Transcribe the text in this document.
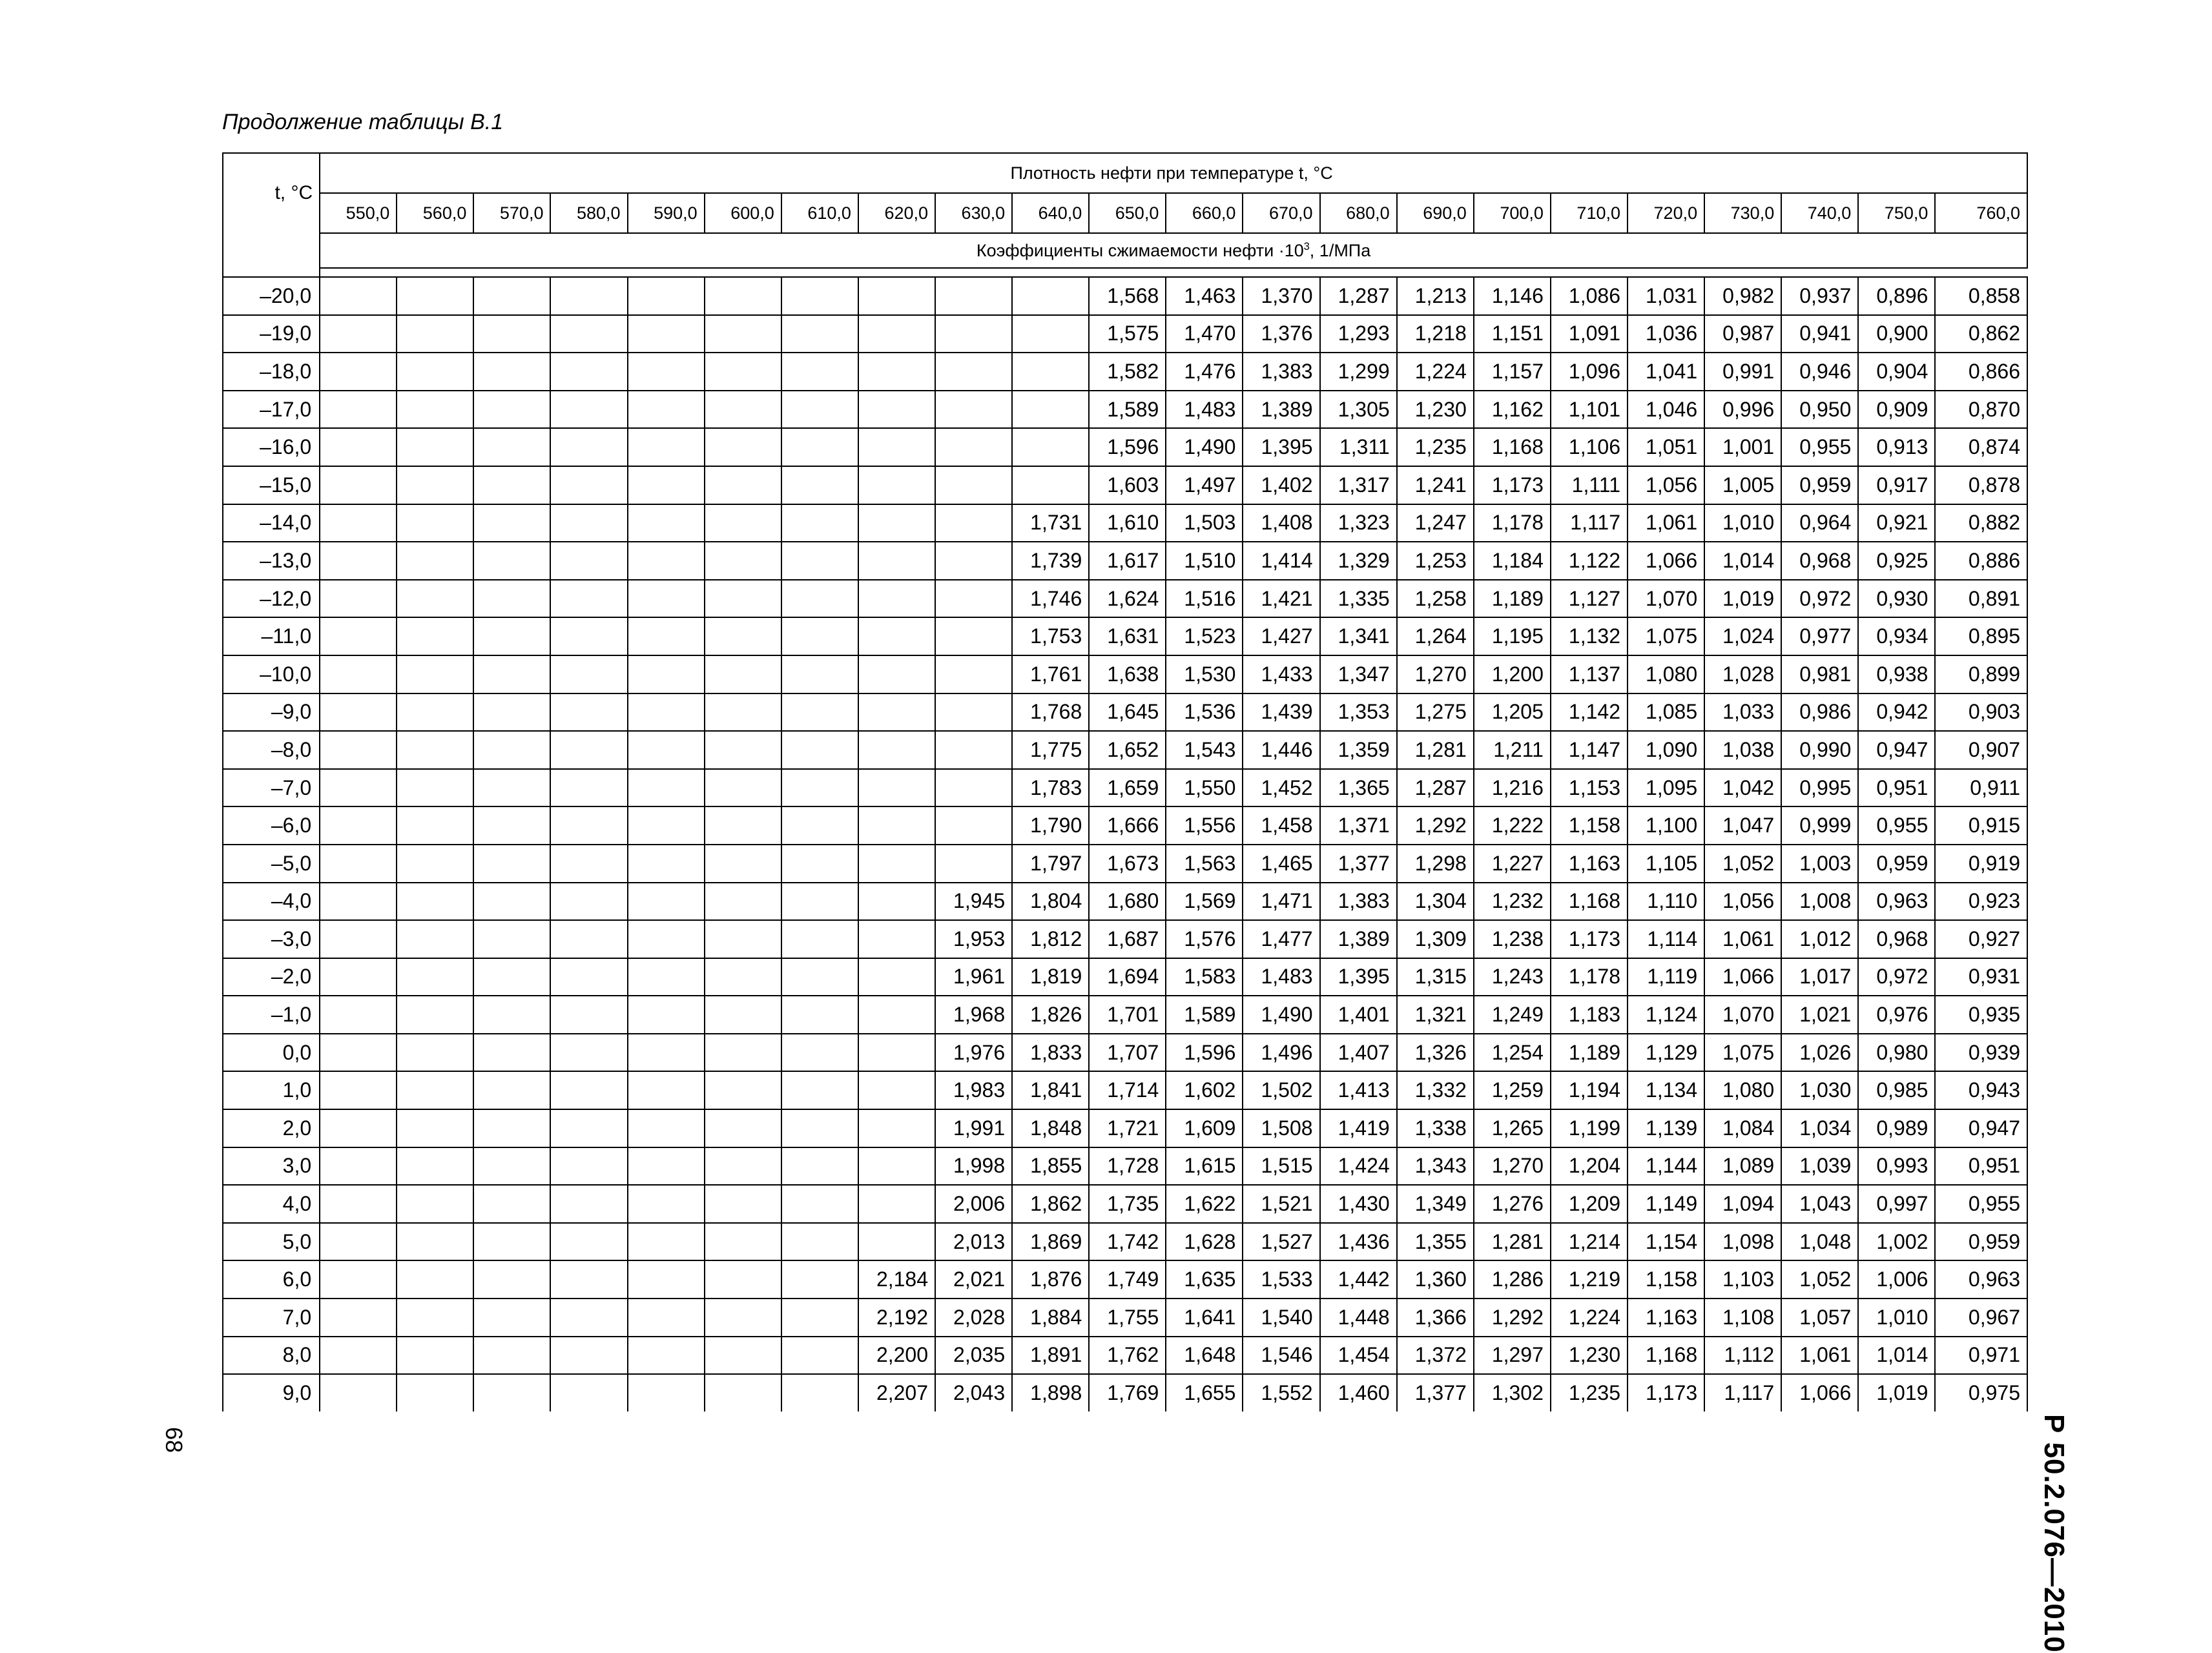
Продолжение таблицы В.1
t, °C	Плотность нефти при температуре t, °С																					
	550,0	560,0	570,0	580,0	590,0	600,0	610,0	620,0	630,0	640,0	650,0	660,0	670,0	680,0	690,0	700,0	710,0	720,0	730,0	740,0	750,0	760,0
	Коэффициенты сжимаемости нефти $\cdot 10^3$, 1/МПа																					

–20,0											1,568	1,463	1,370	1,287	1,213	1,146	1,086	1,031	0,982	0,937	0,896	0,858
–19,0											1,575	1,470	1,376	1,293	1,218	1,151	1,091	1,036	0,987	0,941	0,900	0,862
–18,0											1,582	1,476	1,383	1,299	1,224	1,157	1,096	1,041	0,991	0,946	0,904	0,866
–17,0											1,589	1,483	1,389	1,305	1,230	1,162	1,101	1,046	0,996	0,950	0,909	0,870
–16,0											1,596	1,490	1,395	1,311	1,235	1,168	1,106	1,051	1,001	0,955	0,913	0,874
–15,0											1,603	1,497	1,402	1,317	1,241	1,173	1,111	1,056	1,005	0,959	0,917	0,878
–14,0										1,731	1,610	1,503	1,408	1,323	1,247	1,178	1,117	1,061	1,010	0,964	0,921	0,882
–13,0										1,739	1,617	1,510	1,414	1,329	1,253	1,184	1,122	1,066	1,014	0,968	0,925	0,886
–12,0										1,746	1,624	1,516	1,421	1,335	1,258	1,189	1,127	1,070	1,019	0,972	0,930	0,891
–11,0										1,753	1,631	1,523	1,427	1,341	1,264	1,195	1,132	1,075	1,024	0,977	0,934	0,895
–10,0										1,761	1,638	1,530	1,433	1,347	1,270	1,200	1,137	1,080	1,028	0,981	0,938	0,899
–9,0										1,768	1,645	1,536	1,439	1,353	1,275	1,205	1,142	1,085	1,033	0,986	0,942	0,903
–8,0										1,775	1,652	1,543	1,446	1,359	1,281	1,211	1,147	1,090	1,038	0,990	0,947	0,907
–7,0										1,783	1,659	1,550	1,452	1,365	1,287	1,216	1,153	1,095	1,042	0,995	0,951	0,911
–6,0										1,790	1,666	1,556	1,458	1,371	1,292	1,222	1,158	1,100	1,047	0,999	0,955	0,915
–5,0										1,797	1,673	1,563	1,465	1,377	1,298	1,227	1,163	1,105	1,052	1,003	0,959	0,919
–4,0									1,945	1,804	1,680	1,569	1,471	1,383	1,304	1,232	1,168	1,110	1,056	1,008	0,963	0,923
–3,0									1,953	1,812	1,687	1,576	1,477	1,389	1,309	1,238	1,173	1,114	1,061	1,012	0,968	0,927
–2,0									1,961	1,819	1,694	1,583	1,483	1,395	1,315	1,243	1,178	1,119	1,066	1,017	0,972	0,931
–1,0									1,968	1,826	1,701	1,589	1,490	1,401	1,321	1,249	1,183	1,124	1,070	1,021	0,976	0,935
0,0									1,976	1,833	1,707	1,596	1,496	1,407	1,326	1,254	1,189	1,129	1,075	1,026	0,980	0,939
1,0									1,983	1,841	1,714	1,602	1,502	1,413	1,332	1,259	1,194	1,134	1,080	1,030	0,985	0,943
2,0									1,991	1,848	1,721	1,609	1,508	1,419	1,338	1,265	1,199	1,139	1,084	1,034	0,989	0,947
3,0									1,998	1,855	1,728	1,615	1,515	1,424	1,343	1,270	1,204	1,144	1,089	1,039	0,993	0,951
4,0									2,006	1,862	1,735	1,622	1,521	1,430	1,349	1,276	1,209	1,149	1,094	1,043	0,997	0,955
5,0									2,013	1,869	1,742	1,628	1,527	1,436	1,355	1,281	1,214	1,154	1,098	1,048	1,002	0,959
6,0								2,184	2,021	1,876	1,749	1,635	1,533	1,442	1,360	1,286	1,219	1,158	1,103	1,052	1,006	0,963
7,0								2,192	2,028	1,884	1,755	1,641	1,540	1,448	1,366	1,292	1,224	1,163	1,108	1,057	1,010	0,967
8,0								2,200	2,035	1,891	1,762	1,648	1,546	1,454	1,372	1,297	1,230	1,168	1,112	1,061	1,014	0,971
9,0								2,207	2,043	1,898	1,769	1,655	1,552	1,460	1,377	1,302	1,235	1,173	1,117	1,066	1,019	0,975
Р 50.2.076—2010
68
